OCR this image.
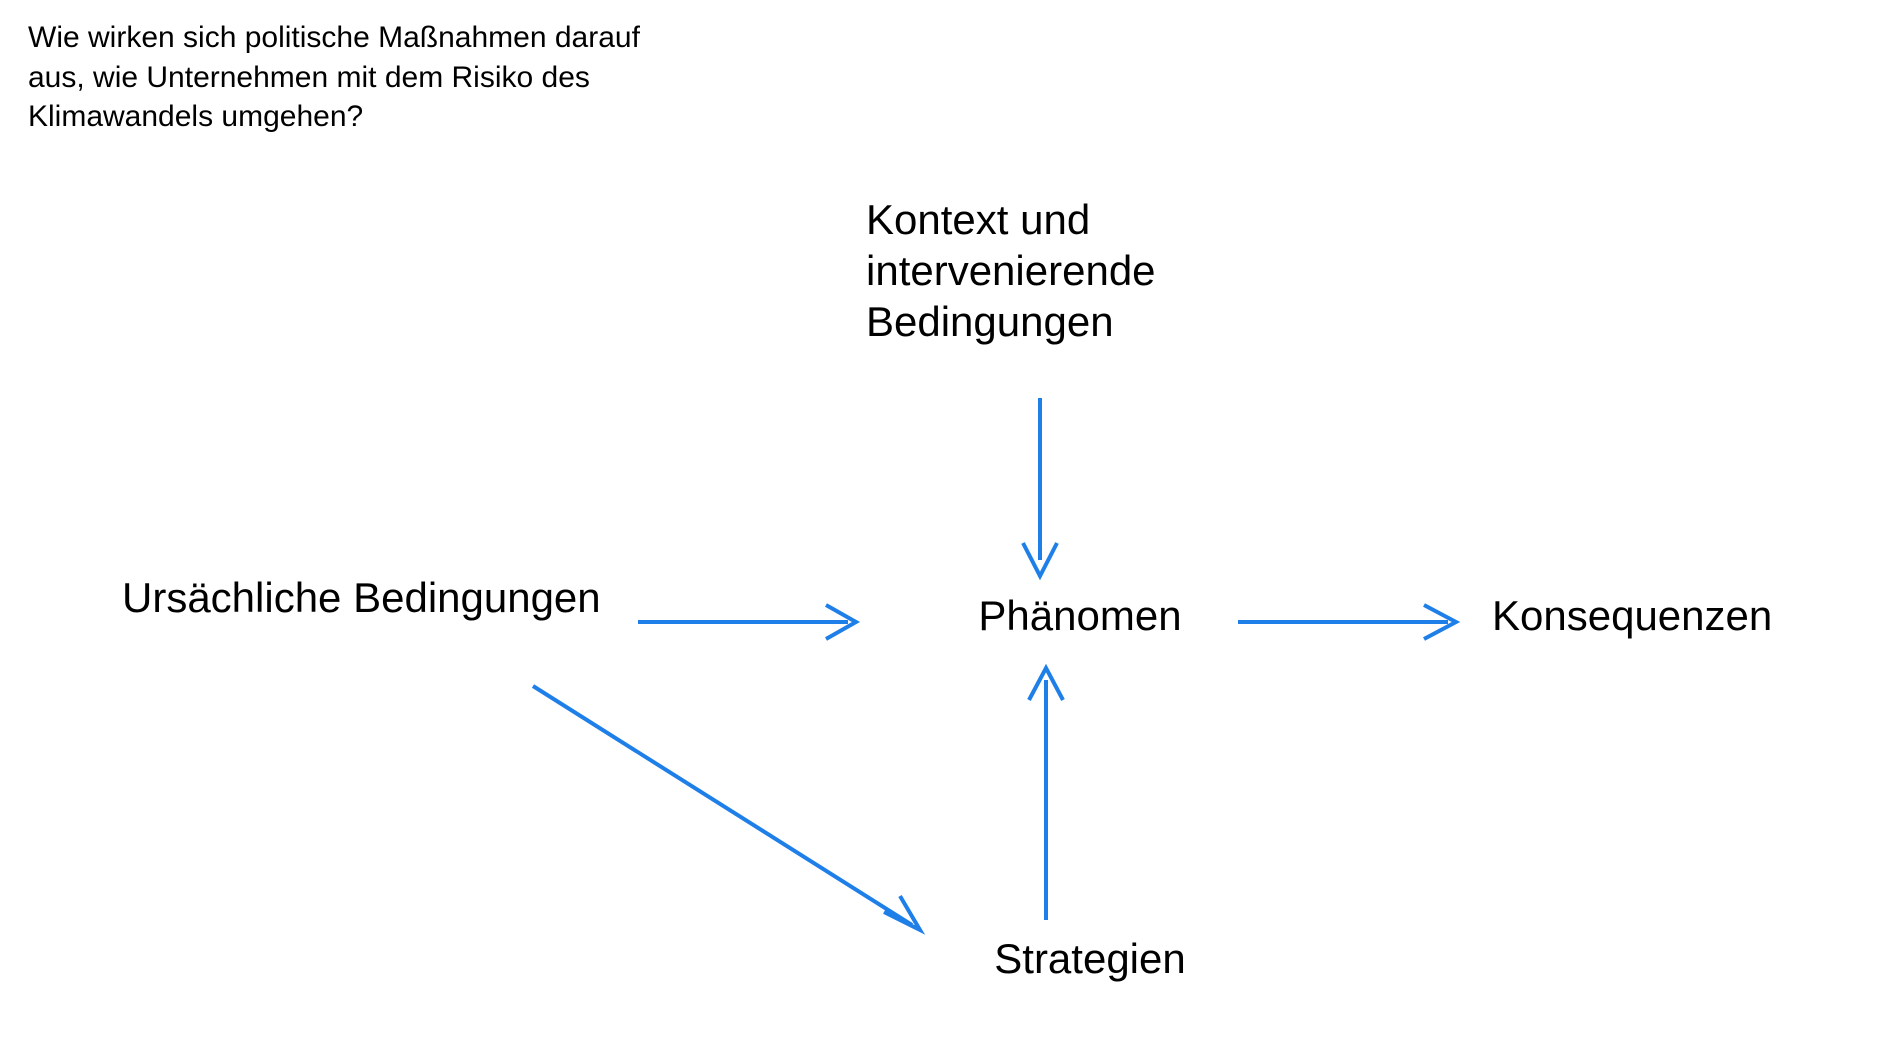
Wie wirken sich politische Maßnahmen darauf aus, wie Unternehmen mit dem Risiko des Klimawandels umgehen?
Kontext und intervenierende Bedingungen
Ursächliche Bedingungen	Phänomen	Konsequenzen
Strategien
